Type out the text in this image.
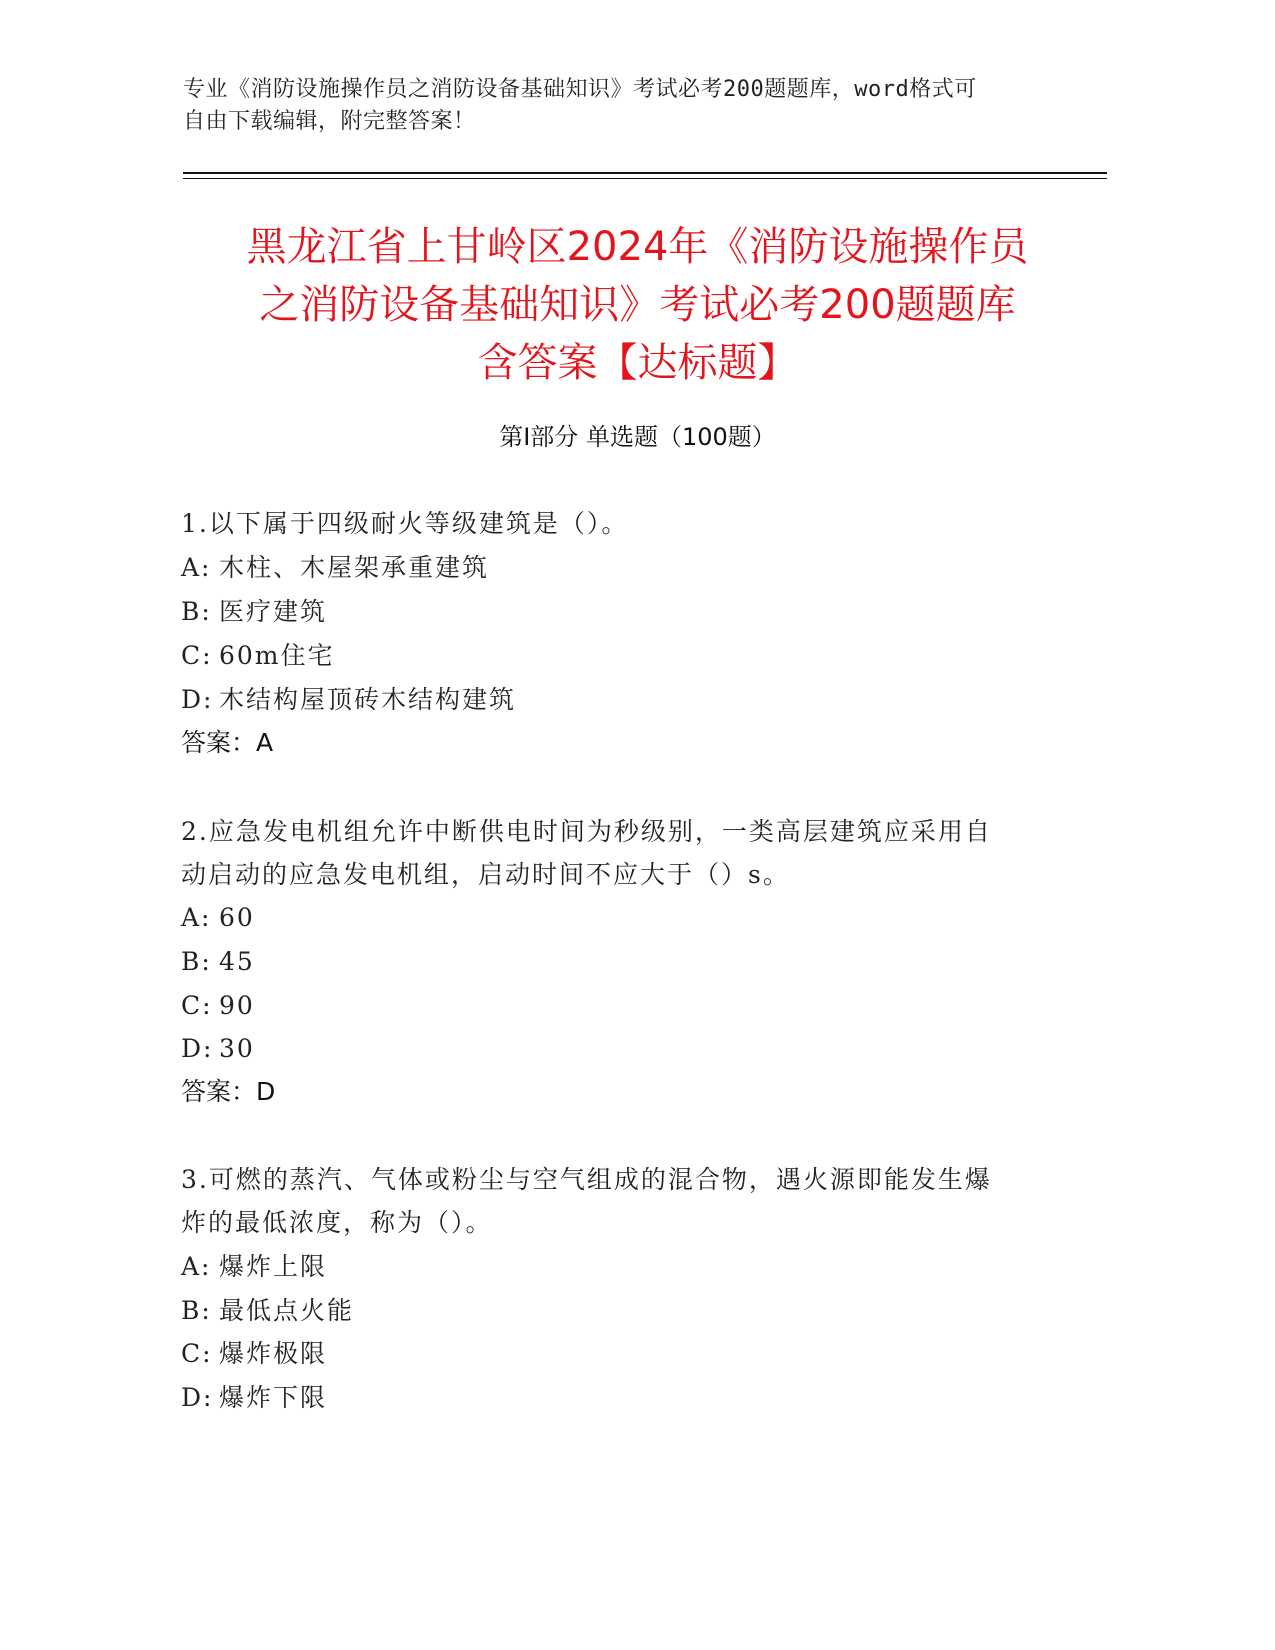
专业《消防设施操作员之消防设备基础知识》考试必考200题题库，word格式可
自由下载编辑，附完整答案！
黑龙江省上甘岭区2024年《消防设施操作员
之消防设备基础知识》考试必考200题题库
含答案【达标题】
第Ⅰ部分 单选题（100题）
1.以下属于四级耐火等级建筑是（）。
A: 木柱、木屋架承重建筑
B: 医疗建筑
C: 60m住宅
D: 木结构屋顶砖木结构建筑
答案：A
2.应急发电机组允许中断供电时间为秒级别，一类高层建筑应采用自
动启动的应急发电机组，启动时间不应大于（）s。
A: 60
B: 45
C: 90
D: 30
答案：D
3.可燃的蒸汽、气体或粉尘与空气组成的混合物，遇火源即能发生爆
炸的最低浓度，称为（）。
A: 爆炸上限
B: 最低点火能
C: 爆炸极限
D: 爆炸下限
